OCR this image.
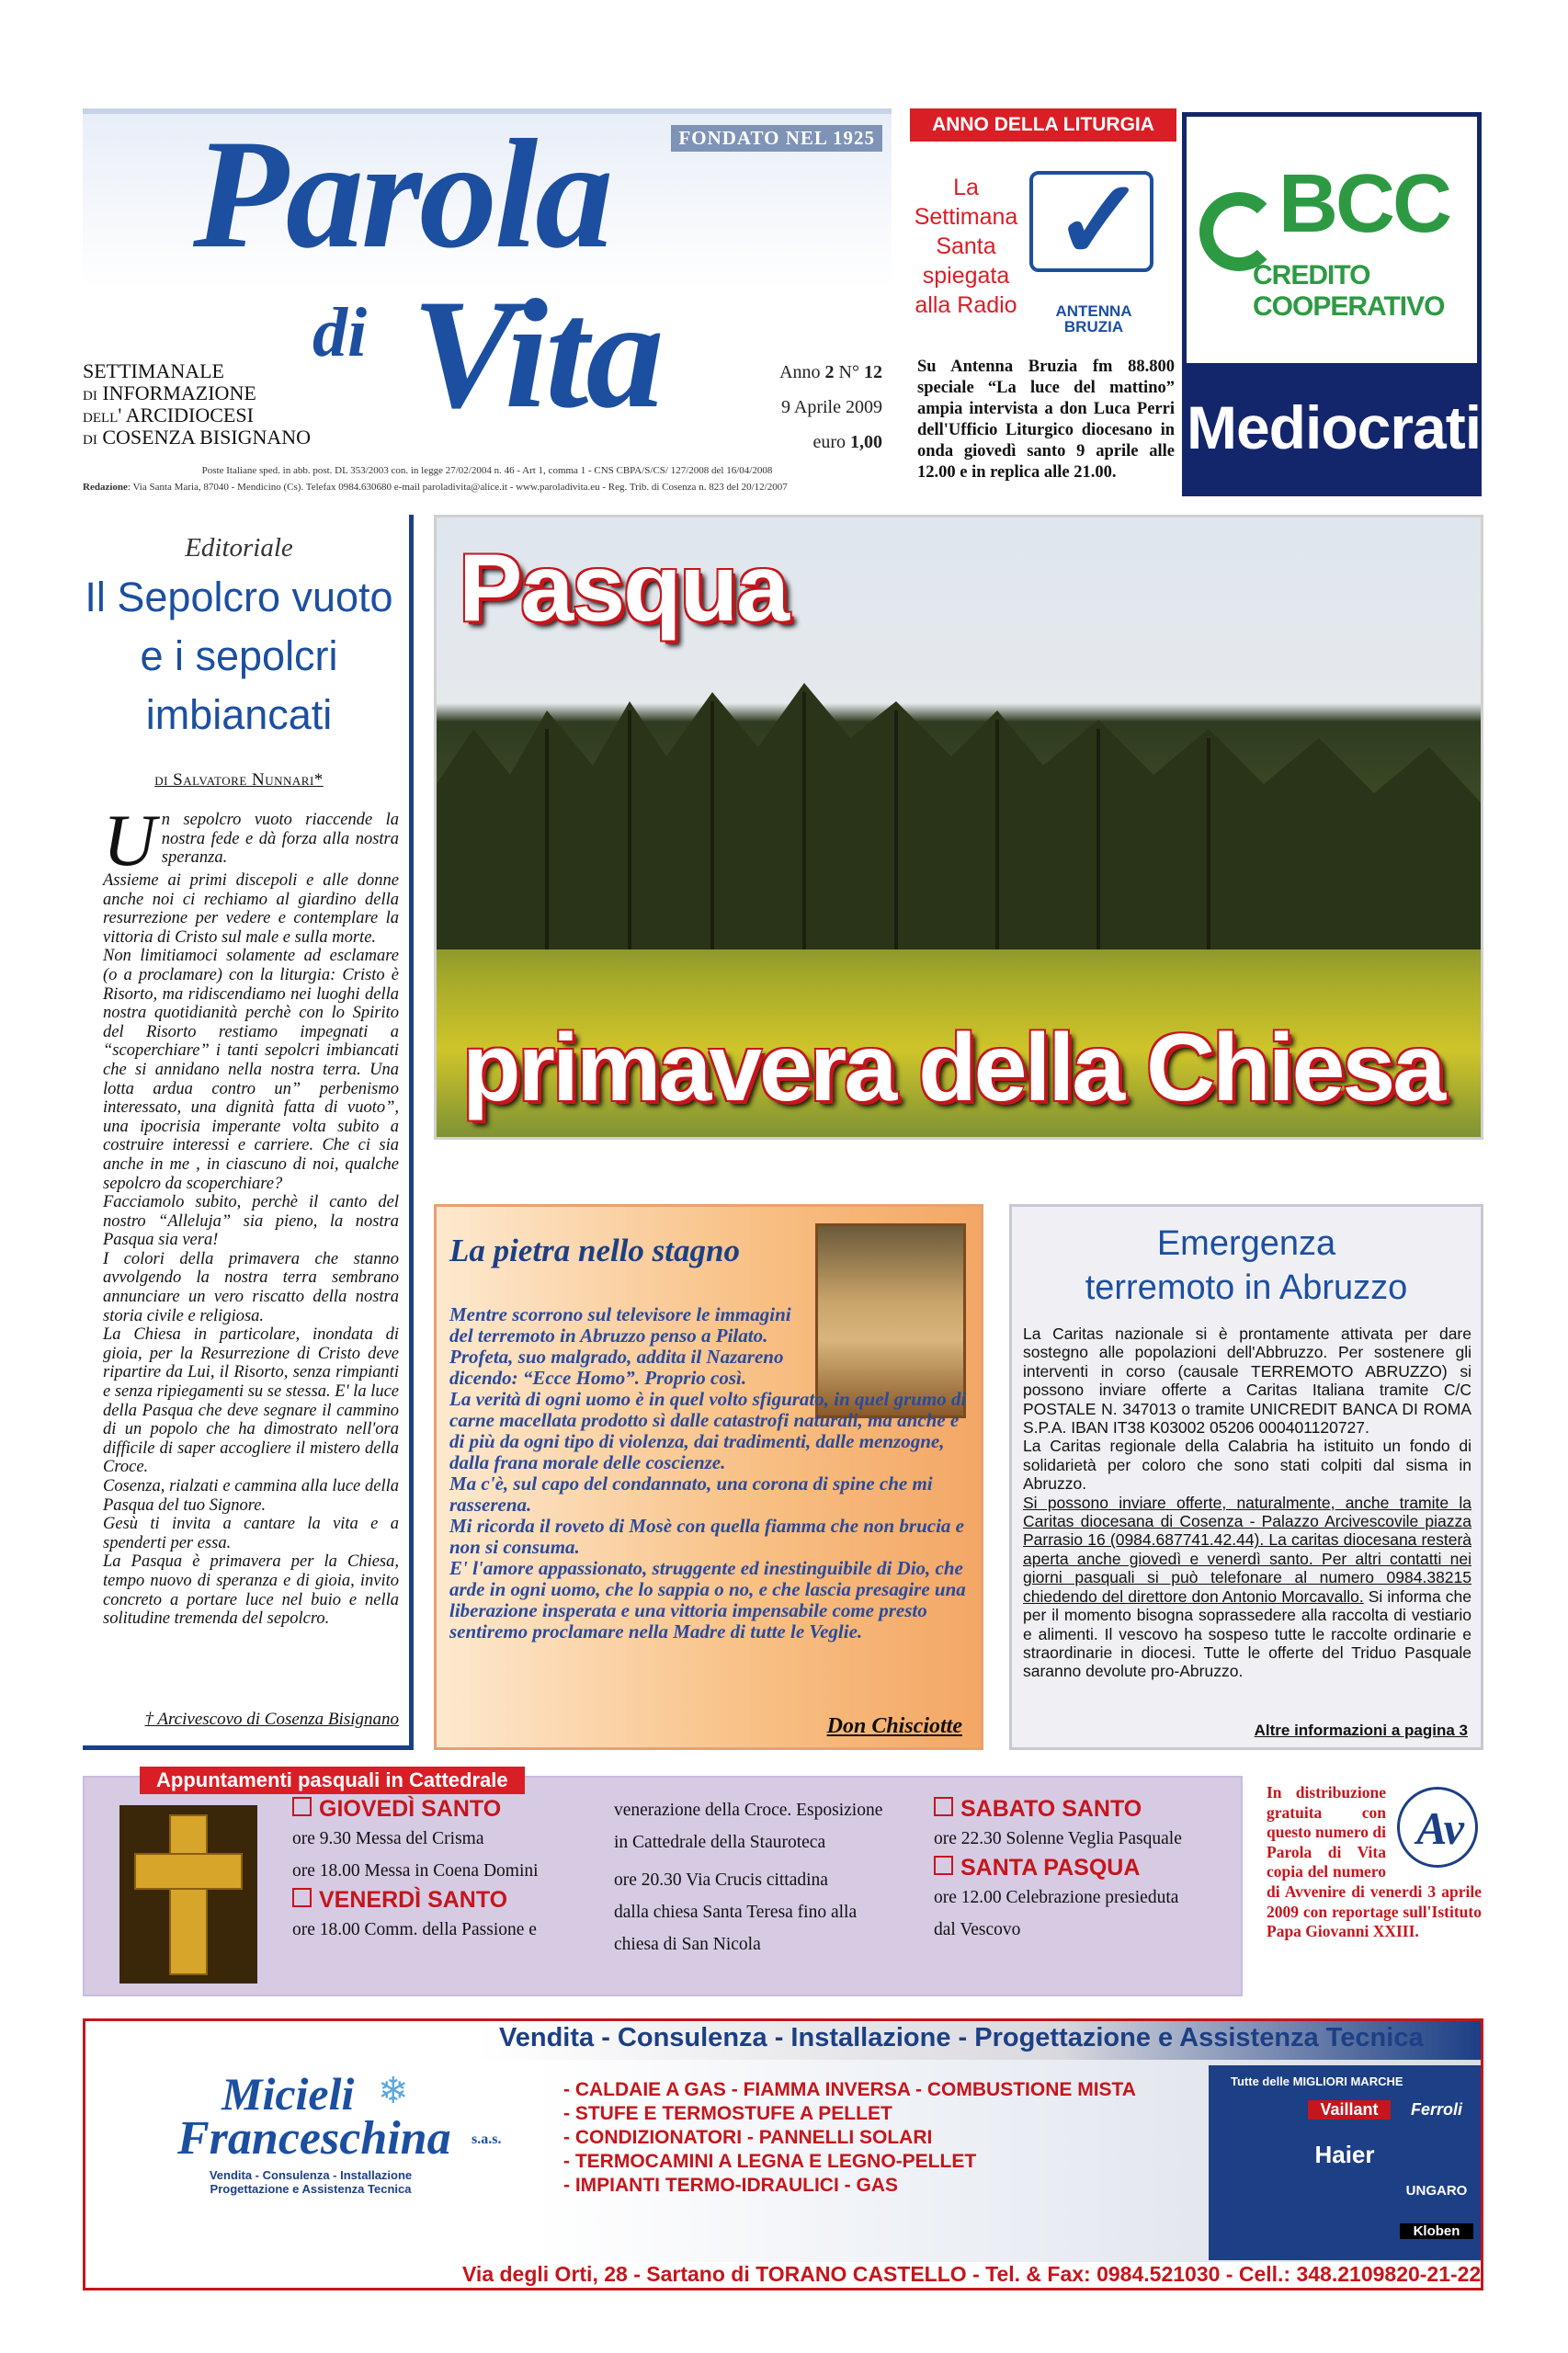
FONDATO NEL 1925
Parola
di Vita
SETTIMANALE
di INFORMAZIONE
dell' ARCIDIOCESI
di COSENZA BISIGNANO
Anno 2 N° 12
9 Aprile 2009
euro 1,00
Poste Italiane sped. in abb. post. DL 353/2003 con. in legge 27/02/2004 n. 46 - Art 1, comma 1 - CNS CBPA/S/CS/ 127/2008 del 16/04/2008
Redazione: Via Santa Maria, 87040 - Mendicino (Cs). Telefax 0984.630680 e-mail paroladivita@alice.it - www.paroladivita.eu - Reg. Trib. di Cosenza n. 823 del 20/12/2007
ANNO DELLA LITURGIA
La
Settimana
Santa
spiegata
alla Radio
✓
ANTENNA
BRUZIA
Su Antenna Bruzia fm 88.800 speciale “La luce del mattino” ampia intervista a don Luca Perri dell'Ufficio Liturgico diocesano in onda giovedì santo 9 aprile alle 12.00 e in replica alle 21.00.
BCC
CREDITO COOPERATIVO
Mediocrati
Editoriale
Il Sepolcro vuoto
e i sepolcri
imbiancati
di Salvatore Nunnari*

Un sepolcro vuoto riaccende la nostra fede e dà forza alla nostra speranza.

Assieme ai primi discepoli e alle donne anche noi ci rechiamo al giardino della resurrezione per vedere e contemplare la vittoria di Cristo sul male e sulla morte.

Non limitiamoci solamente ad esclamare (o a proclamare) con la liturgia: Cristo è Risorto, ma ridiscendiamo nei luoghi della nostra quotidianità perchè con lo Spirito del Risorto restiamo impegnati a “scoperchiare” i tanti sepolcri imbiancati che si annidano nella nostra terra. Una lotta ardua contro un” perbenismo interessato, una dignità fatta di vuoto”, una ipocrisia imperante volta subito a costruire interessi e carriere. Che ci sia anche in me , in ciascuno di noi, qualche sepolcro da scoperchiare?

Facciamolo subito, perchè il canto del nostro “Alleluja” sia pieno, la nostra Pasqua sia vera!

I colori della primavera che stanno avvolgendo la nostra terra sembrano annunciare un vero riscatto della nostra storia civile e religiosa.

La Chiesa in particolare, inondata di gioia, per la Resurrezione di Cristo deve ripartire da Lui, il Risorto, senza rimpianti e senza ripiegamenti su se stessa. E' la luce della Pasqua che deve segnare il cammino di un popolo che ha dimostrato nell'ora difficile di saper accogliere il mistero della Croce.

Cosenza, rialzati e cammina alla luce della Pasqua del tuo Signore.

Gesù ti invita a cantare la vita e a spenderti per essa.

La Pasqua è primavera per la Chiesa, tempo nuovo di speranza e di gioia, invito concreto a portare luce nel buio e nella solitudine tremenda del sepolcro.

† Arcivescovo di Cosenza Bisignano
Pasqua
primavera della Chiesa
La pietra nello stagno

Mentre scorrono sul televisore le immagini del terremoto in Abruzzo penso a Pilato.

Profeta, suo malgrado, addita il Nazareno dicendo: “Ecce Homo”. Proprio così.

La verità di ogni uomo è in quel volto sfigurato, in quel grumo di carne macellata prodotto sì dalle catastrofi naturali, ma anche e di più da ogni tipo di violenza, dai tradimenti, dalle menzogne, dalla frana morale delle coscienze.

Ma c'è, sul capo del condannato, una corona di spine che mi rasserena.

Mi ricorda il roveto di Mosè con quella fiamma che non brucia e non si consuma.

E' l'amore appassionato, struggente ed inestinguibile di Dio, che arde in ogni uomo, che lo sappia o no, e che lascia presagire una liberazione insperata e una vittoria impensabile come presto sentiremo proclamare nella Madre di tutte le Veglie.

Don Chisciotte
Emergenza
terremoto in Abruzzo

La Caritas nazionale si è prontamente attivata per dare sostegno alle popolazioni dell'Abbruzzo. Per sostenere gli interventi in corso (causale TERREMOTO ABRUZZO) si possono inviare offerte a Caritas Italiana tramite C/C POSTALE N. 347013 o tramite UNICREDIT BANCA DI ROMA S.P.A. IBAN IT38 K03002 05206 000401120727.

La Caritas regionale della Calabria ha istituito un fondo di solidarietà per coloro che sono stati colpiti dal sisma in Abruzzo.

Si possono inviare offerte, naturalmente, anche tramite la Caritas diocesana di Cosenza - Palazzo Arcivescovile piazza Parrasio 16 (0984.687741.42.44). La caritas diocesana resterà aperta anche giovedì e venerdì santo. Per altri contatti nei giorni pasquali si può telefonare al numero 0984.38215 chiedendo del direttore don Antonio Morcavallo. Si informa che per il momento bisogna soprassedere alla raccolta di vestiario e alimenti. Il vescovo ha sospeso tutte le raccolte ordinarie e straordinarie in diocesi. Tutte le offerte del Triduo Pasquale saranno devolute pro-Abruzzo.

Altre informazioni a pagina 3
Appuntamenti pasquali in Cattedrale
GIOVEDÌ SANTO
ore 9.30 Messa del Crisma
ore 18.00 Messa in Coena Domini
VENERDÌ SANTO
ore 18.00 Comm. della Passione e
venerazione della Croce. Esposizione
in Cattedrale della Stauroteca
ore 20.30 Via Crucis cittadina
dalla chiesa Santa Teresa fino alla
chiesa di San Nicola
SABATO SANTO
ore 22.30 Solenne Veglia Pasquale
SANTA PASQUA
ore 12.00 Celebrazione presieduta
dal Vescovo
Av
In distribuzione gratuita con questo numero di Parola di Vita copia del numero di Avvenire di venerdi 3 aprile 2009 con reportage sull'Istituto Papa Giovanni XXIII.
Vendita - Consulenza - Installazione - Progettazione e Assistenza Tecnica
Micieli ❄
Franceschina s.a.s.
Vendita - Consulenza - Installazione
Progettazione e Assistenza Tecnica
- CALDAIE A GAS - FIAMMA INVERSA - COMBUSTIONE MISTA
- STUFE E TERMOSTUFE A PELLET
- CONDIZIONATORI - PANNELLI SOLARI
- TERMOCAMINI A LEGNA E LEGNO-PELLET
- IMPIANTI TERMO-IDRAULICI - GAS
Tutte delle MIGLIORI MARCHE
Vaillant	Ferroli
Haier
UNGARO
Kloben
Via degli Orti, 28 - Sartano di TORANO CASTELLO - Tel. & Fax: 0984.521030 - Cell.: 348.2109820-21-22
